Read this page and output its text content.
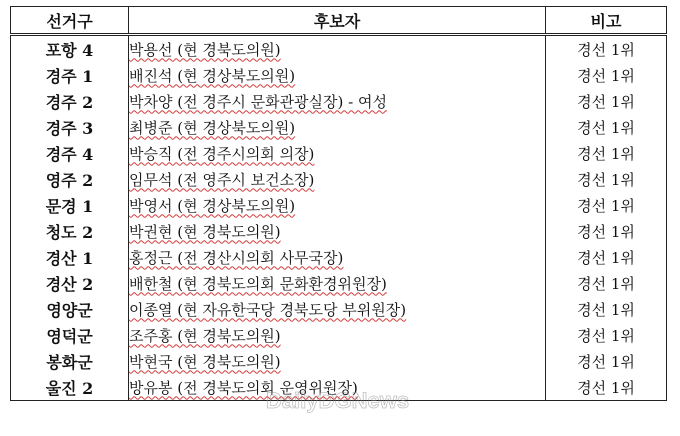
선거구	후보자	비고
포항 4	박용선 (현 경북도의원)	경선 1위
경주 1	배진석 (현 경상북도의원)	경선 1위
경주 2	박차양 (전 경주시 문화관광실장) - 여성	경선 1위
경주 3	최병준 (현 경상북도의원)	경선 1위
경주 4	박승직 (전 경주시의회 의장)	경선 1위
영주 2	임무석 (전 영주시 보건소장)	경선 1위
문경 1	박영서 (현 경상북도의원)	경선 1위
청도 2	박권현 (현 경북도의원)	경선 1위
경산 1	홍정근 (전 경산시의회 사무국장)	경선 1위
경산 2	배한철 (현 경북도의회 문화환경위원장)	경선 1위
영양군	이종열 (현 자유한국당 경북도당 부위원장)	경선 1위
영덕군	조주홍 (현 경북도의원)	경선 1위
봉화군	박현국 (현 경북도의원)	경선 1위
울진 2	방유봉 (전 경북도의회 운영위원장)	경선 1위
DailyDGNews
